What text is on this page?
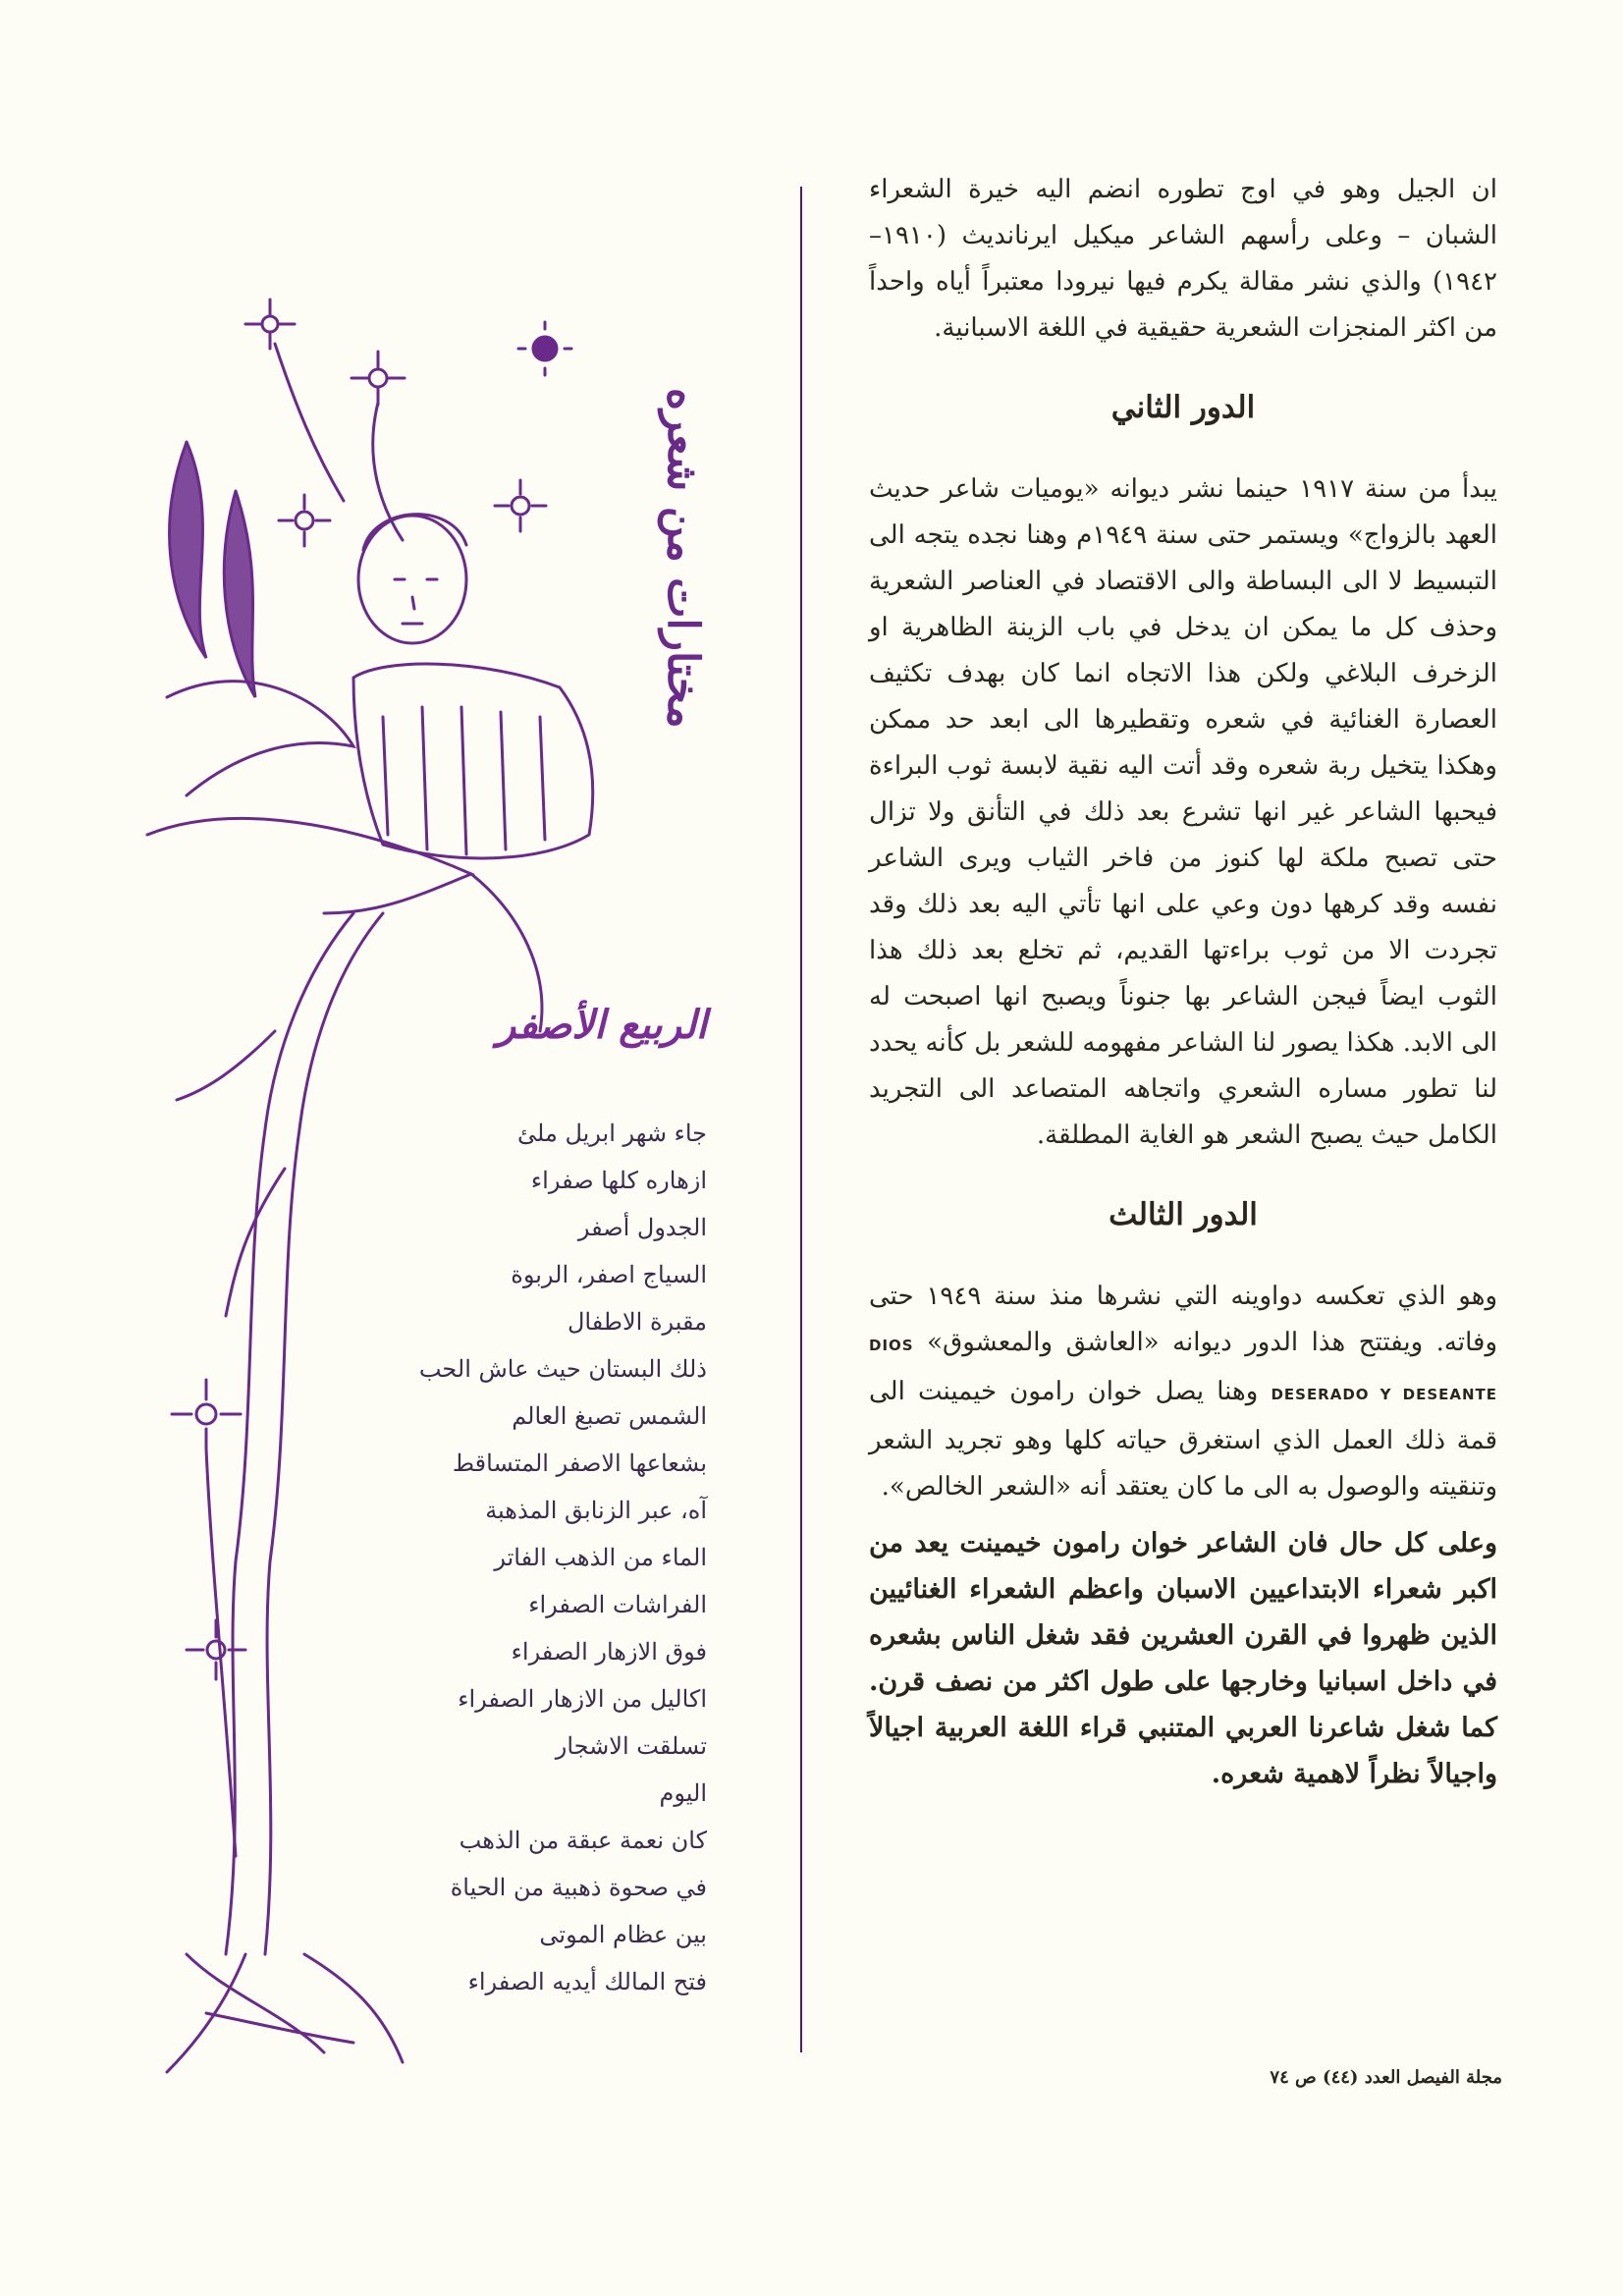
ان الجيل وهو في اوج تطوره انضم اليه خيرة الشعراء الشبان – وعلى رأسهم الشاعر ميكيل ايرنانديث (١٩١٠–١٩٤٢) والذي نشر مقالة يكرم فيها نيرودا معتبراً أياه واحداً من اكثر المنجزات الشعرية حقيقية في اللغة الاسبانية.

الدور الثاني

يبدأ من سنة ١٩١٧ حينما نشر ديوانه «يوميات شاعر حديث العهد بالزواج» ويستمر حتى سنة ١٩٤٩م وهنا نجده يتجه الى التبسيط لا الى البساطة والى الاقتصاد في العناصر الشعرية وحذف كل ما يمكن ان يدخل في باب الزينة الظاهرية او الزخرف البلاغي ولكن هذا الاتجاه انما كان بهدف تكثيف العصارة الغنائية في شعره وتقطيرها الى ابعد حد ممكن وهكذا يتخيل ربة شعره وقد أتت اليه نقية لابسة ثوب البراءة فيحبها الشاعر غير انها تشرع بعد ذلك في التأنق ولا تزال حتى تصبح ملكة لها كنوز من فاخر الثياب ويرى الشاعر نفسه وقد كرهها دون وعي على انها تأتي اليه بعد ذلك وقد تجردت الا من ثوب براءتها القديم، ثم تخلع بعد ذلك هذا الثوب ايضاً فيجن الشاعر بها جنوناً ويصبح انها اصبحت له الى الابد. هكذا يصور لنا الشاعر مفهومه للشعر بل كأنه يحدد لنا تطور مساره الشعري واتجاهه المتصاعد الى التجريد الكامل حيث يصبح الشعر هو الغاية المطلقة.

الدور الثالث

وهو الذي تعكسه دواوينه التي نشرها منذ سنة ١٩٤٩ حتى وفاته. ويفتتح هذا الدور ديوانه «العاشق والمعشوق» DIOS DESERADO Y DESEANTE وهنا يصل خوان رامون خيمينت الى قمة ذلك العمل الذي استغرق حياته كلها وهو تجريد الشعر وتنقيته والوصول به الى ما كان يعتقد أنه «الشعر الخالص».

وعلى كل حال فان الشاعر خوان رامون خيمينت يعد من اكبر شعراء الابتداعيين الاسبان واعظم الشعراء الغنائيين الذين ظهروا في القرن العشرين فقد شغل الناس بشعره في داخل اسبانيا وخارجها على طول اكثر من نصف قرن. كما شغل شاعرنا العربي المتنبي قراء اللغة العربية اجيالاً واجيالاً نظراً لاهمية شعره.

مختارات من شعره
الربيع الأصفر
جاء شهر ابريل ملئ
ازهاره كلها صفراء
الجدول أصفر
السياج اصفر، الربوة
مقبرة الاطفال
ذلك البستان حيث عاش الحب
الشمس تصبغ العالم
بشعاعها الاصفر المتساقط
آه، عبر الزنابق المذهبة
الماء من الذهب الفاتر
الفراشات الصفراء
فوق الازهار الصفراء
اكاليل من الازهار الصفراء
تسلقت الاشجار
اليوم
كان نعمة عبقة من الذهب
في صحوة ذهبية من الحياة
بين عظام الموتى
فتح المالك أيديه الصفراء
مجلة الفيصل العدد (٤٤) ص ٧٤
